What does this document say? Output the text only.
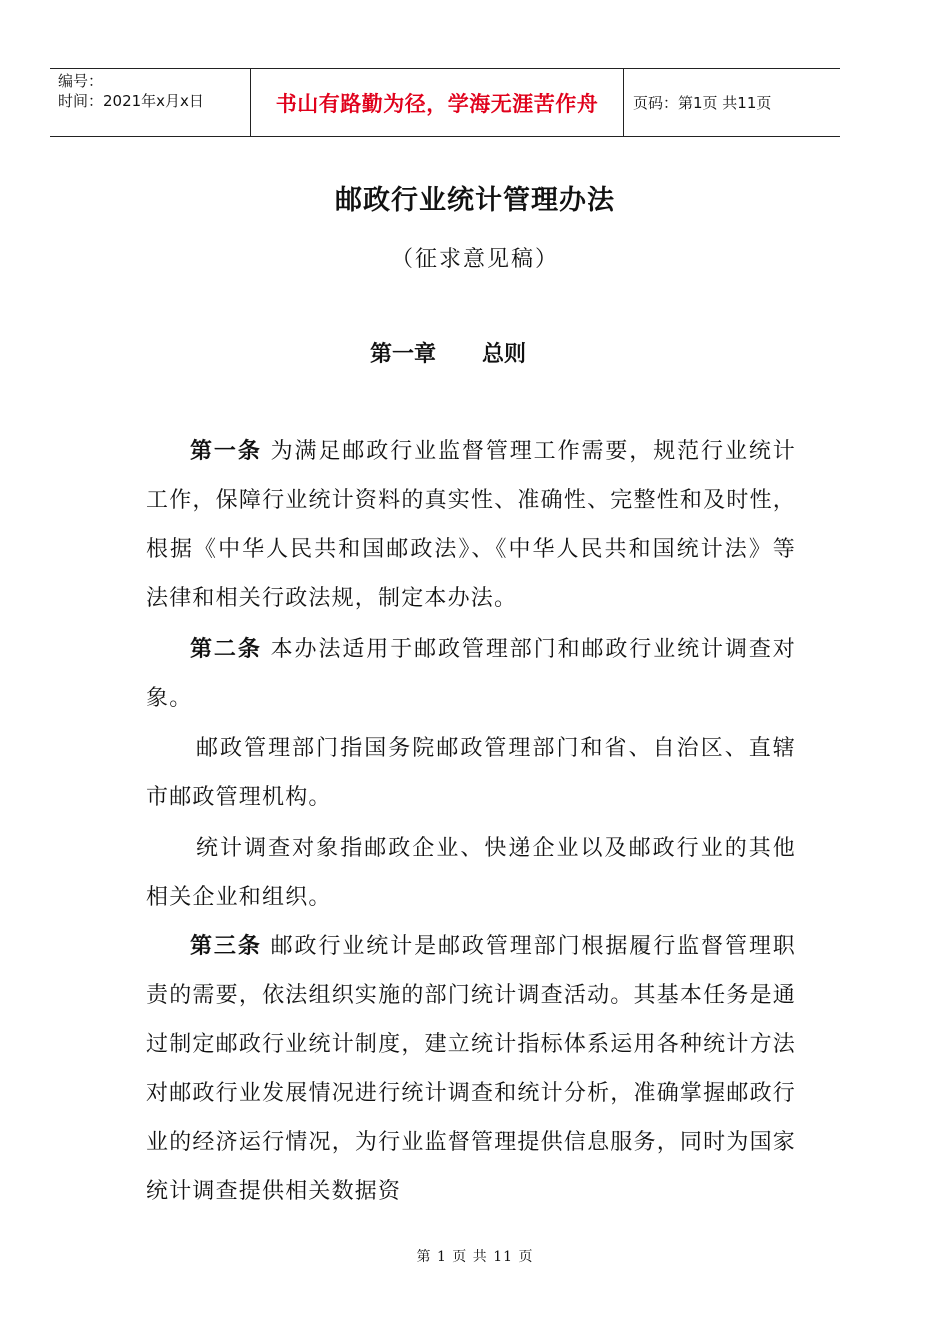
编号：
时间：2021年x月x日	书山有路勤为径，学海无涯苦作舟 页码：第1页 共11页
邮政行业统计管理办法
（征求意见稿）
第一章      总则
第一条 为满足邮政行业监督管理工作需要，规范行业统计工作，保障行业统计资料的真实性、准确性、完整性和及时性，根据《中华人民共和国邮政法》、《中华人民共和国统计法》等法律和相关行政法规，制定本办法。
第二条 本办法适用于邮政管理部门和邮政行业统计调查对象。
邮政管理部门指国务院邮政管理部门和省、自治区、直辖市邮政管理机构。
统计调查对象指邮政企业、快递企业以及邮政行业的其他相关企业和组织。
第三条 邮政行业统计是邮政管理部门根据履行监督管理职责的需要，依法组织实施的部门统计调查活动。其基本任务是通过制定邮政行业统计制度，建立统计指标体系运用各种统计方法对邮政行业发展情况进行统计调查和统计分析，准确掌握邮政行业的经济运行情况，为行业监督管理提供信息服务，同时为国家统计调查提供相关数据资
第 1 页 共 11 页
